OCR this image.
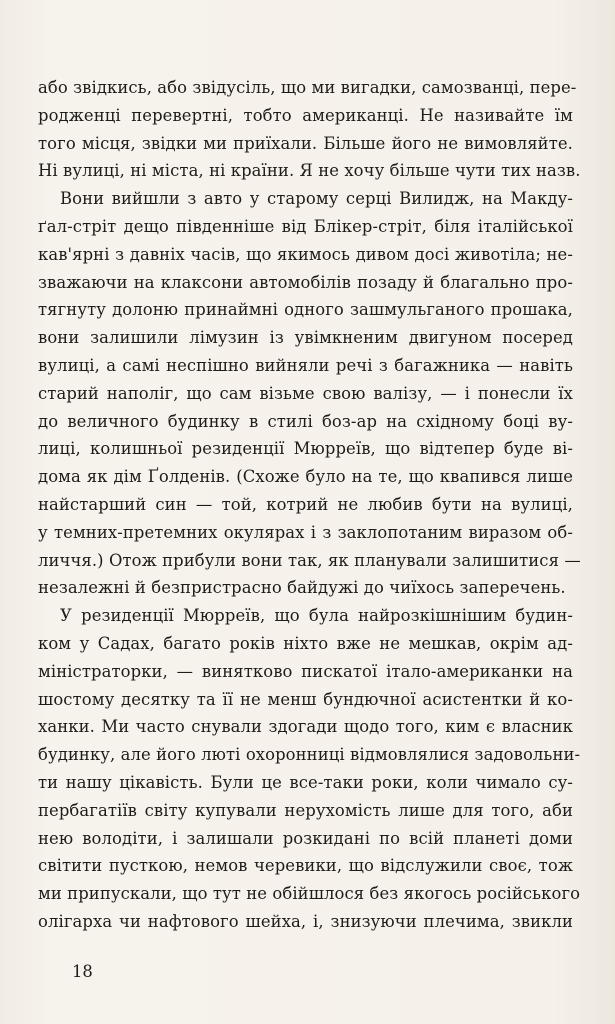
або звідкись, або звідусіль, що ми вигадки, самозванці, пере-
родженці перевертні, тобто американці. Не називайте їм
того місця, звідки ми приїхали. Більше його не вимовляйте.
Ні вулиці, ні міста, ні країни. Я не хочу більше чути тих назв.
Вони вийшли з авто у старому серці Вилидж, на Макду-
ґал-стріт дещо південніше від Блікер-стріт, біля італійської
кав'ярні з давніх часів, що якимось дивом досі животіла; не-
зважаючи на клаксони автомобілів позаду й благально про-
тягнуту долоню принаймні одного зашмульганого прошака,
вони залишили лімузин із увімкненим двигуном посеред
вулиці, а самі неспішно вийняли речі з багажника — навіть
старий наполіг, що сам візьме свою валізу, — і понесли їх
до величного будинку в стилі боз-ар на східному боці ву-
лиці, колишньої резиденції Мюрреїв, що відтепер буде ві-
дома як дім Ґолденів. (Схоже було на те, що квапився лише
найстарший син — той, котрий не любив бути на вулиці,
у темних-претемних окулярах і з заклопотаним виразом об-
личчя.) Отож прибули вони так, як планували залишитися —
незалежні й безпристрасно байдужі до чиїхось заперечень.
У резиденції Мюрреїв, що була найрозкішнішим будин-
ком у Садах, багато років ніхто вже не мешкав, окрім ад-
міністраторки, — винятково пискатої італо-американки на
шостому десятку та її не менш бундючної асистентки й ко-
ханки. Ми часто снували здогади щодо того, ким є власник
будинку, але його люті охоронниці відмовлялися задовольни-
ти нашу цікавість. Були це все-таки роки, коли чимало су-
пербагатіїв світу купували нерухомість лише для того, аби
нею володіти, і залишали розкидані по всій планеті доми
світити пусткою, немов черевики, що відслужили своє, тож
ми припускали, що тут не обійшлося без якогось російського
олігарха чи нафтового шейха, і, знизуючи плечима, звикли
18
